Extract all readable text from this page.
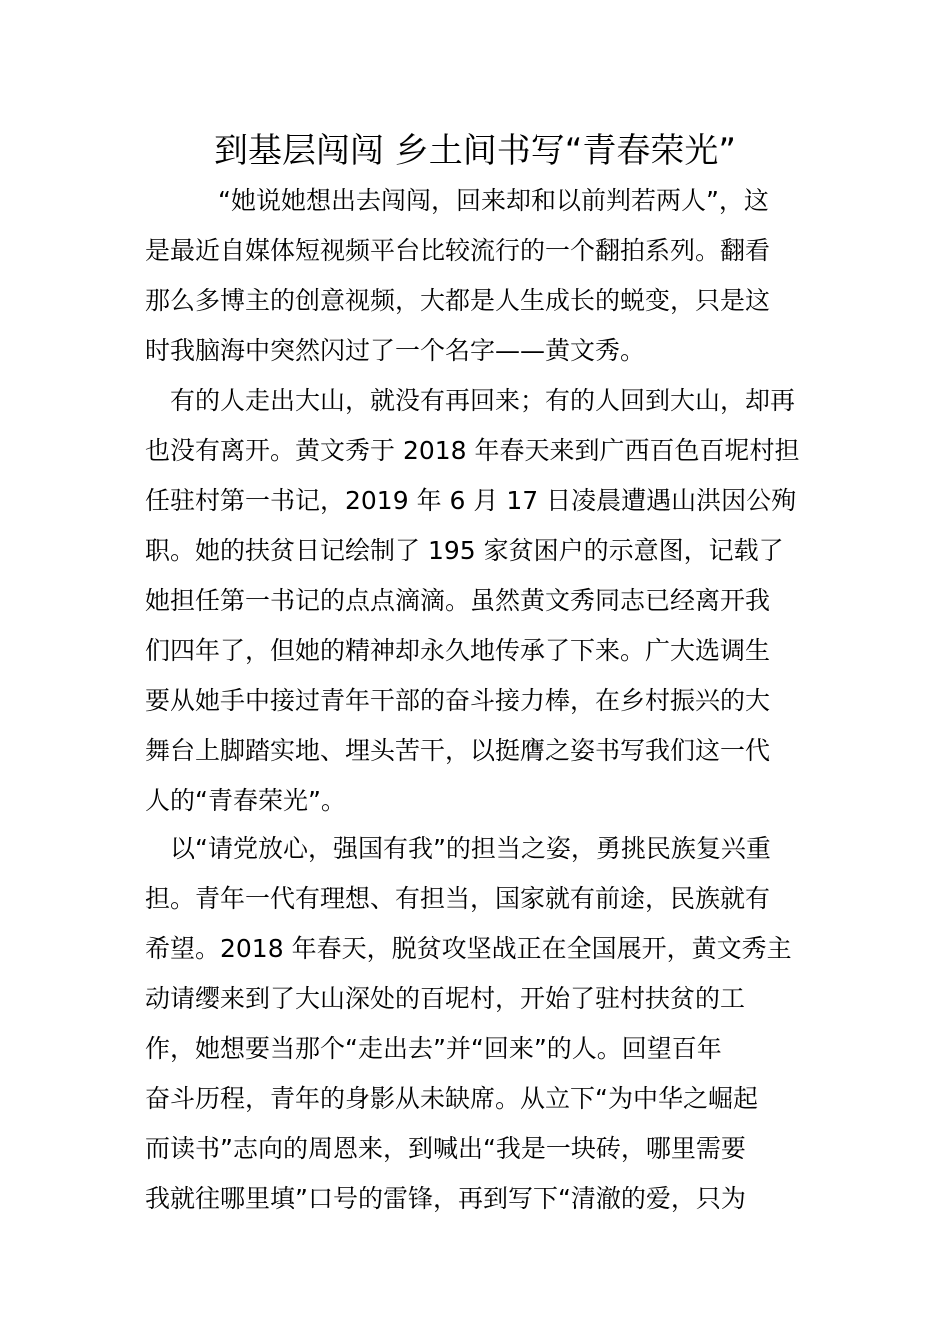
到基层闯闯 乡土间书写“青春荣光”
“她说她想出去闯闯，回来却和以前判若两人”，这
是最近自媒体短视频平台比较流行的一个翻拍系列。翻看
那么多博主的创意视频，大都是人生成长的蜕变，只是这
时我脑海中突然闪过了一个名字——黄文秀。
有的人走出大山，就没有再回来；有的人回到大山，却再
也没有离开。黄文秀于 2018 年春天来到广西百色百坭村担
任驻村第一书记，2019 年 6 月 17 日凌晨遭遇山洪因公殉
职。她的扶贫日记绘制了 195 家贫困户的示意图，记载了
她担任第一书记的点点滴滴。虽然黄文秀同志已经离开我
们四年了，但她的精神却永久地传承了下来。广大选调生
要从她手中接过青年干部的奋斗接力棒，在乡村振兴的大
舞台上脚踏实地、埋头苦干，以挺膺之姿书写我们这一代
人的“青春荣光”。
以“请党放心，强国有我”的担当之姿，勇挑民族复兴重
担。青年一代有理想、有担当，国家就有前途，民族就有
希望。2018 年春天，脱贫攻坚战正在全国展开，黄文秀主
动请缨来到了大山深处的百坭村，开始了驻村扶贫的工
作，她想要当那个“走出去”并“回来”的人。回望百年
奋斗历程，青年的身影从未缺席。从立下“为中华之崛起
而读书”志向的周恩来，到喊出“我是一块砖，哪里需要
我就往哪里填”口号的雷锋，再到写下“清澈的爱，只为
